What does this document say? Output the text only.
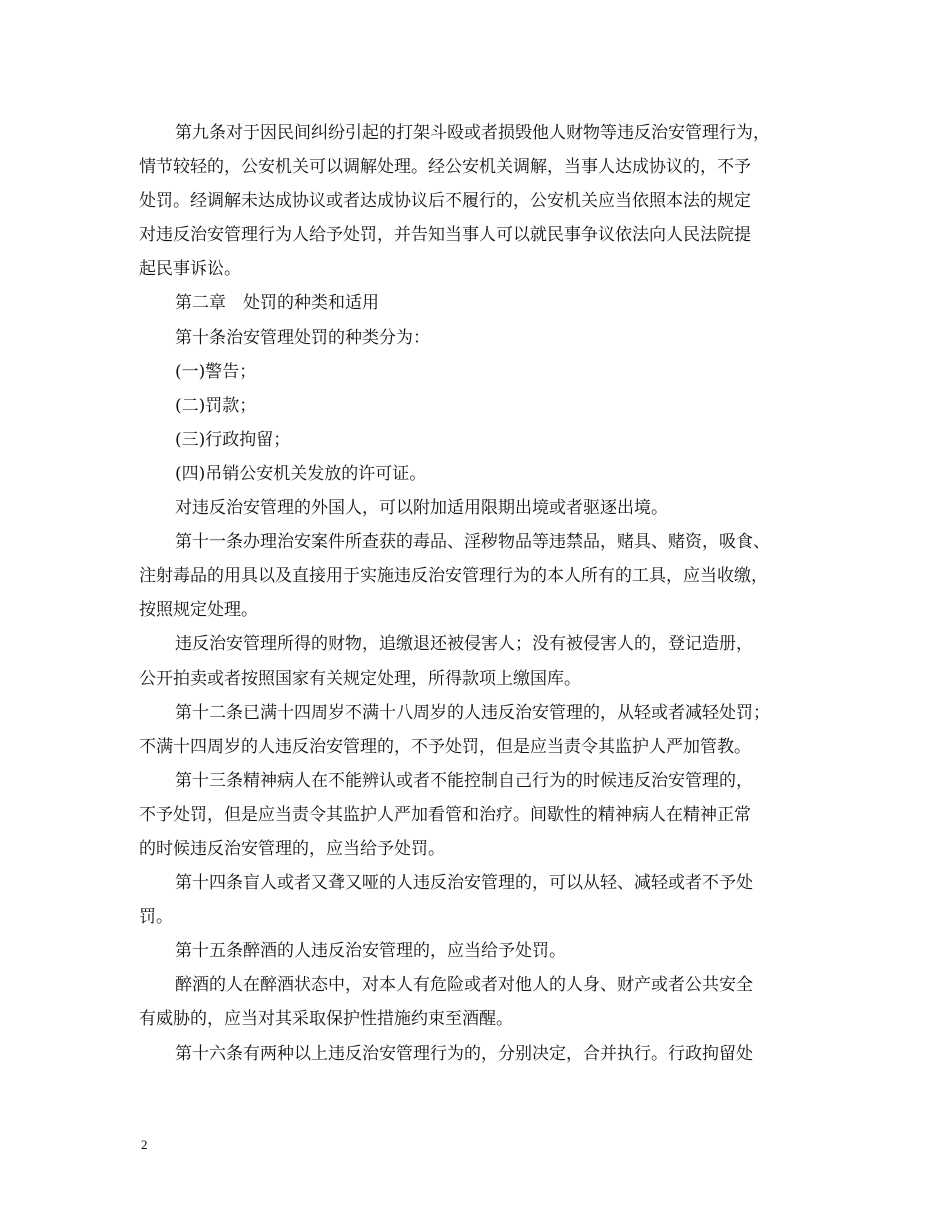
第九条对于因民间纠纷引起的打架斗殴或者损毁他人财物等违反治安管理行为，
情节较轻的，公安机关可以调解处理。经公安机关调解，当事人达成协议的，不予
处罚。经调解未达成协议或者达成协议后不履行的，公安机关应当依照本法的规定
对违反治安管理行为人给予处罚，并告知当事人可以就民事争议依法向人民法院提
起民事诉讼。
第二章　处罚的种类和适用
第十条治安管理处罚的种类分为：
(一)警告；
(二)罚款；
(三)行政拘留；
(四)吊销公安机关发放的许可证。
对违反治安管理的外国人，可以附加适用限期出境或者驱逐出境。
第十一条办理治安案件所查获的毒品、淫秽物品等违禁品，赌具、赌资，吸食、
注射毒品的用具以及直接用于实施违反治安管理行为的本人所有的工具，应当收缴，
按照规定处理。
违反治安管理所得的财物，追缴退还被侵害人；没有被侵害人的，登记造册，
公开拍卖或者按照国家有关规定处理，所得款项上缴国库。
第十二条已满十四周岁不满十八周岁的人违反治安管理的，从轻或者减轻处罚；
不满十四周岁的人违反治安管理的，不予处罚，但是应当责令其监护人严加管教。
第十三条精神病人在不能辨认或者不能控制自己行为的时候违反治安管理的，
不予处罚，但是应当责令其监护人严加看管和治疗。间歇性的精神病人在精神正常
的时候违反治安管理的，应当给予处罚。
第十四条盲人或者又聋又哑的人违反治安管理的，可以从轻、减轻或者不予处
罚。
第十五条醉酒的人违反治安管理的，应当给予处罚。
醉酒的人在醉酒状态中，对本人有危险或者对他人的人身、财产或者公共安全
有威胁的，应当对其采取保护性措施约束至酒醒。
第十六条有两种以上违反治安管理行为的，分别决定，合并执行。行政拘留处
2
